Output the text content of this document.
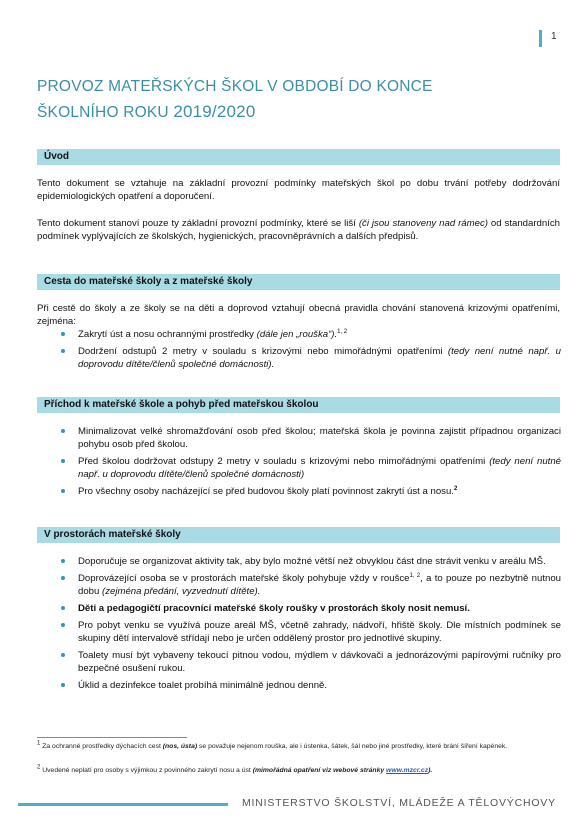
1
PROVOZ MATEŘSKÝCH ŠKOL V OBDOBÍ DO KONCE
ŠKOLNÍHO ROKU 2019/2020
Úvod

Tento dokument se vztahuje na základní provozní podmínky mateřských škol po dobu trvání potřeby dodržování epidemiologických opatření a doporučení.

Tento dokument stanoví pouze ty základní provozní podmínky, které se liší (či jsou stanoveny nad rámec) od standardních podmínek vyplývajících ze školských, hygienických, pracovněprávních a dalších předpisů.

Cesta do mateřské školy a z mateřské školy

Při cestě do školy a ze školy se na děti a doprovod vztahují obecná pravidla chování stanovená krizovými opatřeními, zejména:

Zakrytí úst a nosu ochrannými prostředky (dále jen „rouška“).$^{1, 2}$
Dodržení odstupů 2 metry v souladu s krizovými nebo mimořádnými opatřeními (tedy není nutné např. u doprovodu dítěte/členů společné domácnosti).
Příchod k mateřské škole a pohyb před mateřskou školou
Minimalizovat velké shromažďování osob před školou; mateřská škola je povinna zajistit případnou organizaci pohybu osob před školou.
Před školou dodržovat odstupy 2 metry v souladu s krizovými nebo mimořádnými opatřeními (tedy není nutné např. u doprovodu dítěte/členů společné domácnosti)
Pro všechny osoby nacházející se před budovou školy platí povinnost zakrytí úst a nosu.$^2$
V prostorách mateřské školy
Doporučuje se organizovat aktivity tak, aby bylo možné větší než obvyklou část dne strávit venku v areálu MŠ.
Doprovázející osoba se v prostorách mateřské školy pohybuje vždy v roušce$^{1, 2}$, a to pouze po nezbytně nutnou dobu (zejména předání, vyzvednutí dítěte).
Děti a pedagogičtí pracovníci mateřské školy roušky v prostorách školy nosit nemusí.
Pro pobyt venku se využívá pouze areál MŠ, včetně zahrady, nádvoří, hřiště školy. Dle místních podmínek se skupiny dětí intervalově střídají nebo je určen oddělený prostor pro jednotlivé skupiny.
Toalety musí být vybaveny tekoucí pitnou vodou, mýdlem v dávkovači a jednorázovými papírovými ručníky pro bezpečné osušení rukou.
Úklid a dezinfekce toalet probíhá minimálně jednou denně.

$^1$ Za ochranné prostředky dýchacích cest (nos, ústa) se považuje nejenom rouška, ale i ústenka, šátek, šál nebo jiné prostředky, které brání šíření kapének.

$^2$ Uvedené neplatí pro osoby s výjimkou z povinného zakrytí nosu a úst (mimořádná opatření viz webové stránky www.mzcr.cz).

MINISTERSTVO ŠKOLSTVÍ, MLÁDEŽE A TĚLOVÝCHOVY
